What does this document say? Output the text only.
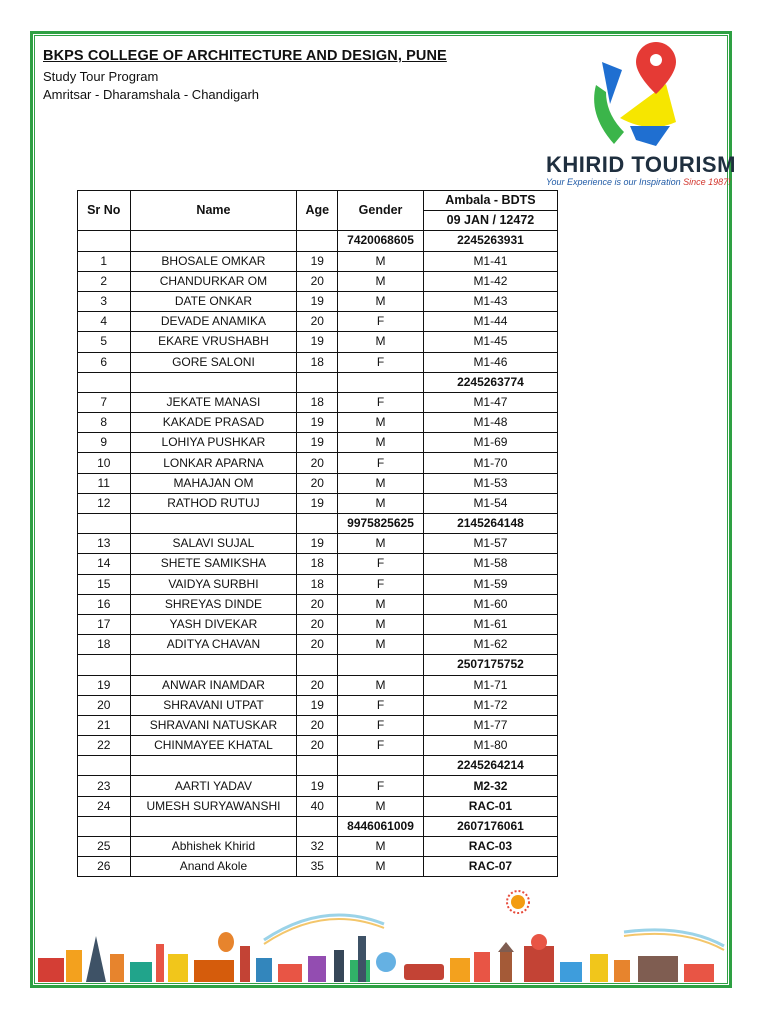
BKPS COLLEGE OF ARCHITECTURE AND DESIGN, PUNE

Study Tour Program

Amritsar - Dharamshala - Chandigarh

KHIRID TOURISM
Your Experience is our Inspiration Since 1987!
Sr No	Name	Age	Gender	Ambala - BDTS
				09 JAN / 12472
			7420068605	2245263931
1	BHOSALE OMKAR	19	M	M1-41
2	CHANDURKAR OM	20	M	M1-42
3	DATE ONKAR	19	M	M1-43
4	DEVADE ANAMIKA	20	F	M1-44
5	EKARE VRUSHABH	19	M	M1-45
6	GORE SALONI	18	F	M1-46
				2245263774
7	JEKATE MANASI	18	F	M1-47
8	KAKADE PRASAD	19	M	M1-48
9	LOHIYA PUSHKAR	19	M	M1-69
10	LONKAR APARNA	20	F	M1-70
11	MAHAJAN OM	20	M	M1-53
12	RATHOD RUTUJ	19	M	M1-54
			9975825625	2145264148
13	SALAVI SUJAL	19	M	M1-57
14	SHETE SAMIKSHA	18	F	M1-58
15	VAIDYA SURBHI	18	F	M1-59
16	SHREYAS DINDE	20	M	M1-60
17	YASH DIVEKAR	20	M	M1-61
18	ADITYA CHAVAN	20	M	M1-62
				2507175752
19	ANWAR INAMDAR	20	M	M1-71
20	SHRAVANI UTPAT	19	F	M1-72
21	SHRAVANI NATUSKAR	20	F	M1-77
22	CHINMAYEE KHATAL	20	F	M1-80
				2245264214
23	AARTI YADAV	19	F	M2-32
24	UMESH SURYAWANSHI	40	M	RAC-01
			8446061009	2607176061
25	Abhishek Khirid	32	M	RAC-03
26	Anand Akole	35	M	RAC-07
